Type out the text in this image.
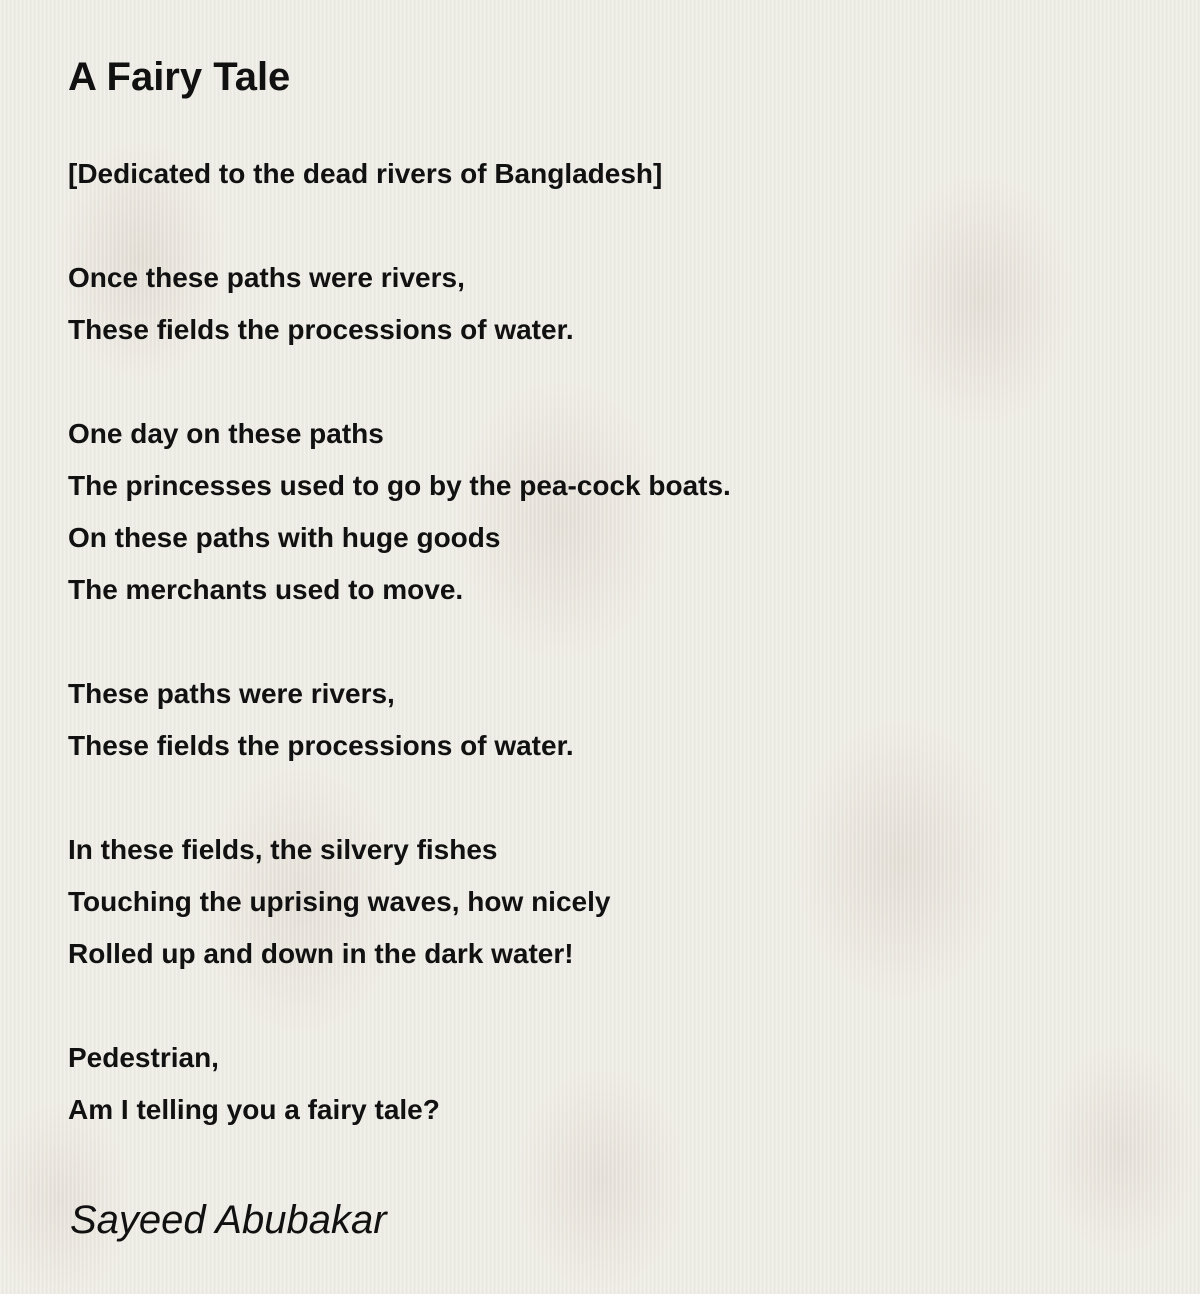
A Fairy Tale

[Dedicated to the dead rivers of Bangladesh]

Once these paths were rivers,
These fields the processions of water.

One day on these paths
The princesses used to go by the pea-cock boats.
On these paths with huge goods
The merchants used to move.

These paths were rivers,
These fields the processions of water.

In these fields, the silvery fishes
Touching the uprising waves, how nicely
Rolled up and down in the dark water!

Pedestrian,
Am I telling you a fairy tale?

Sayeed Abubakar
